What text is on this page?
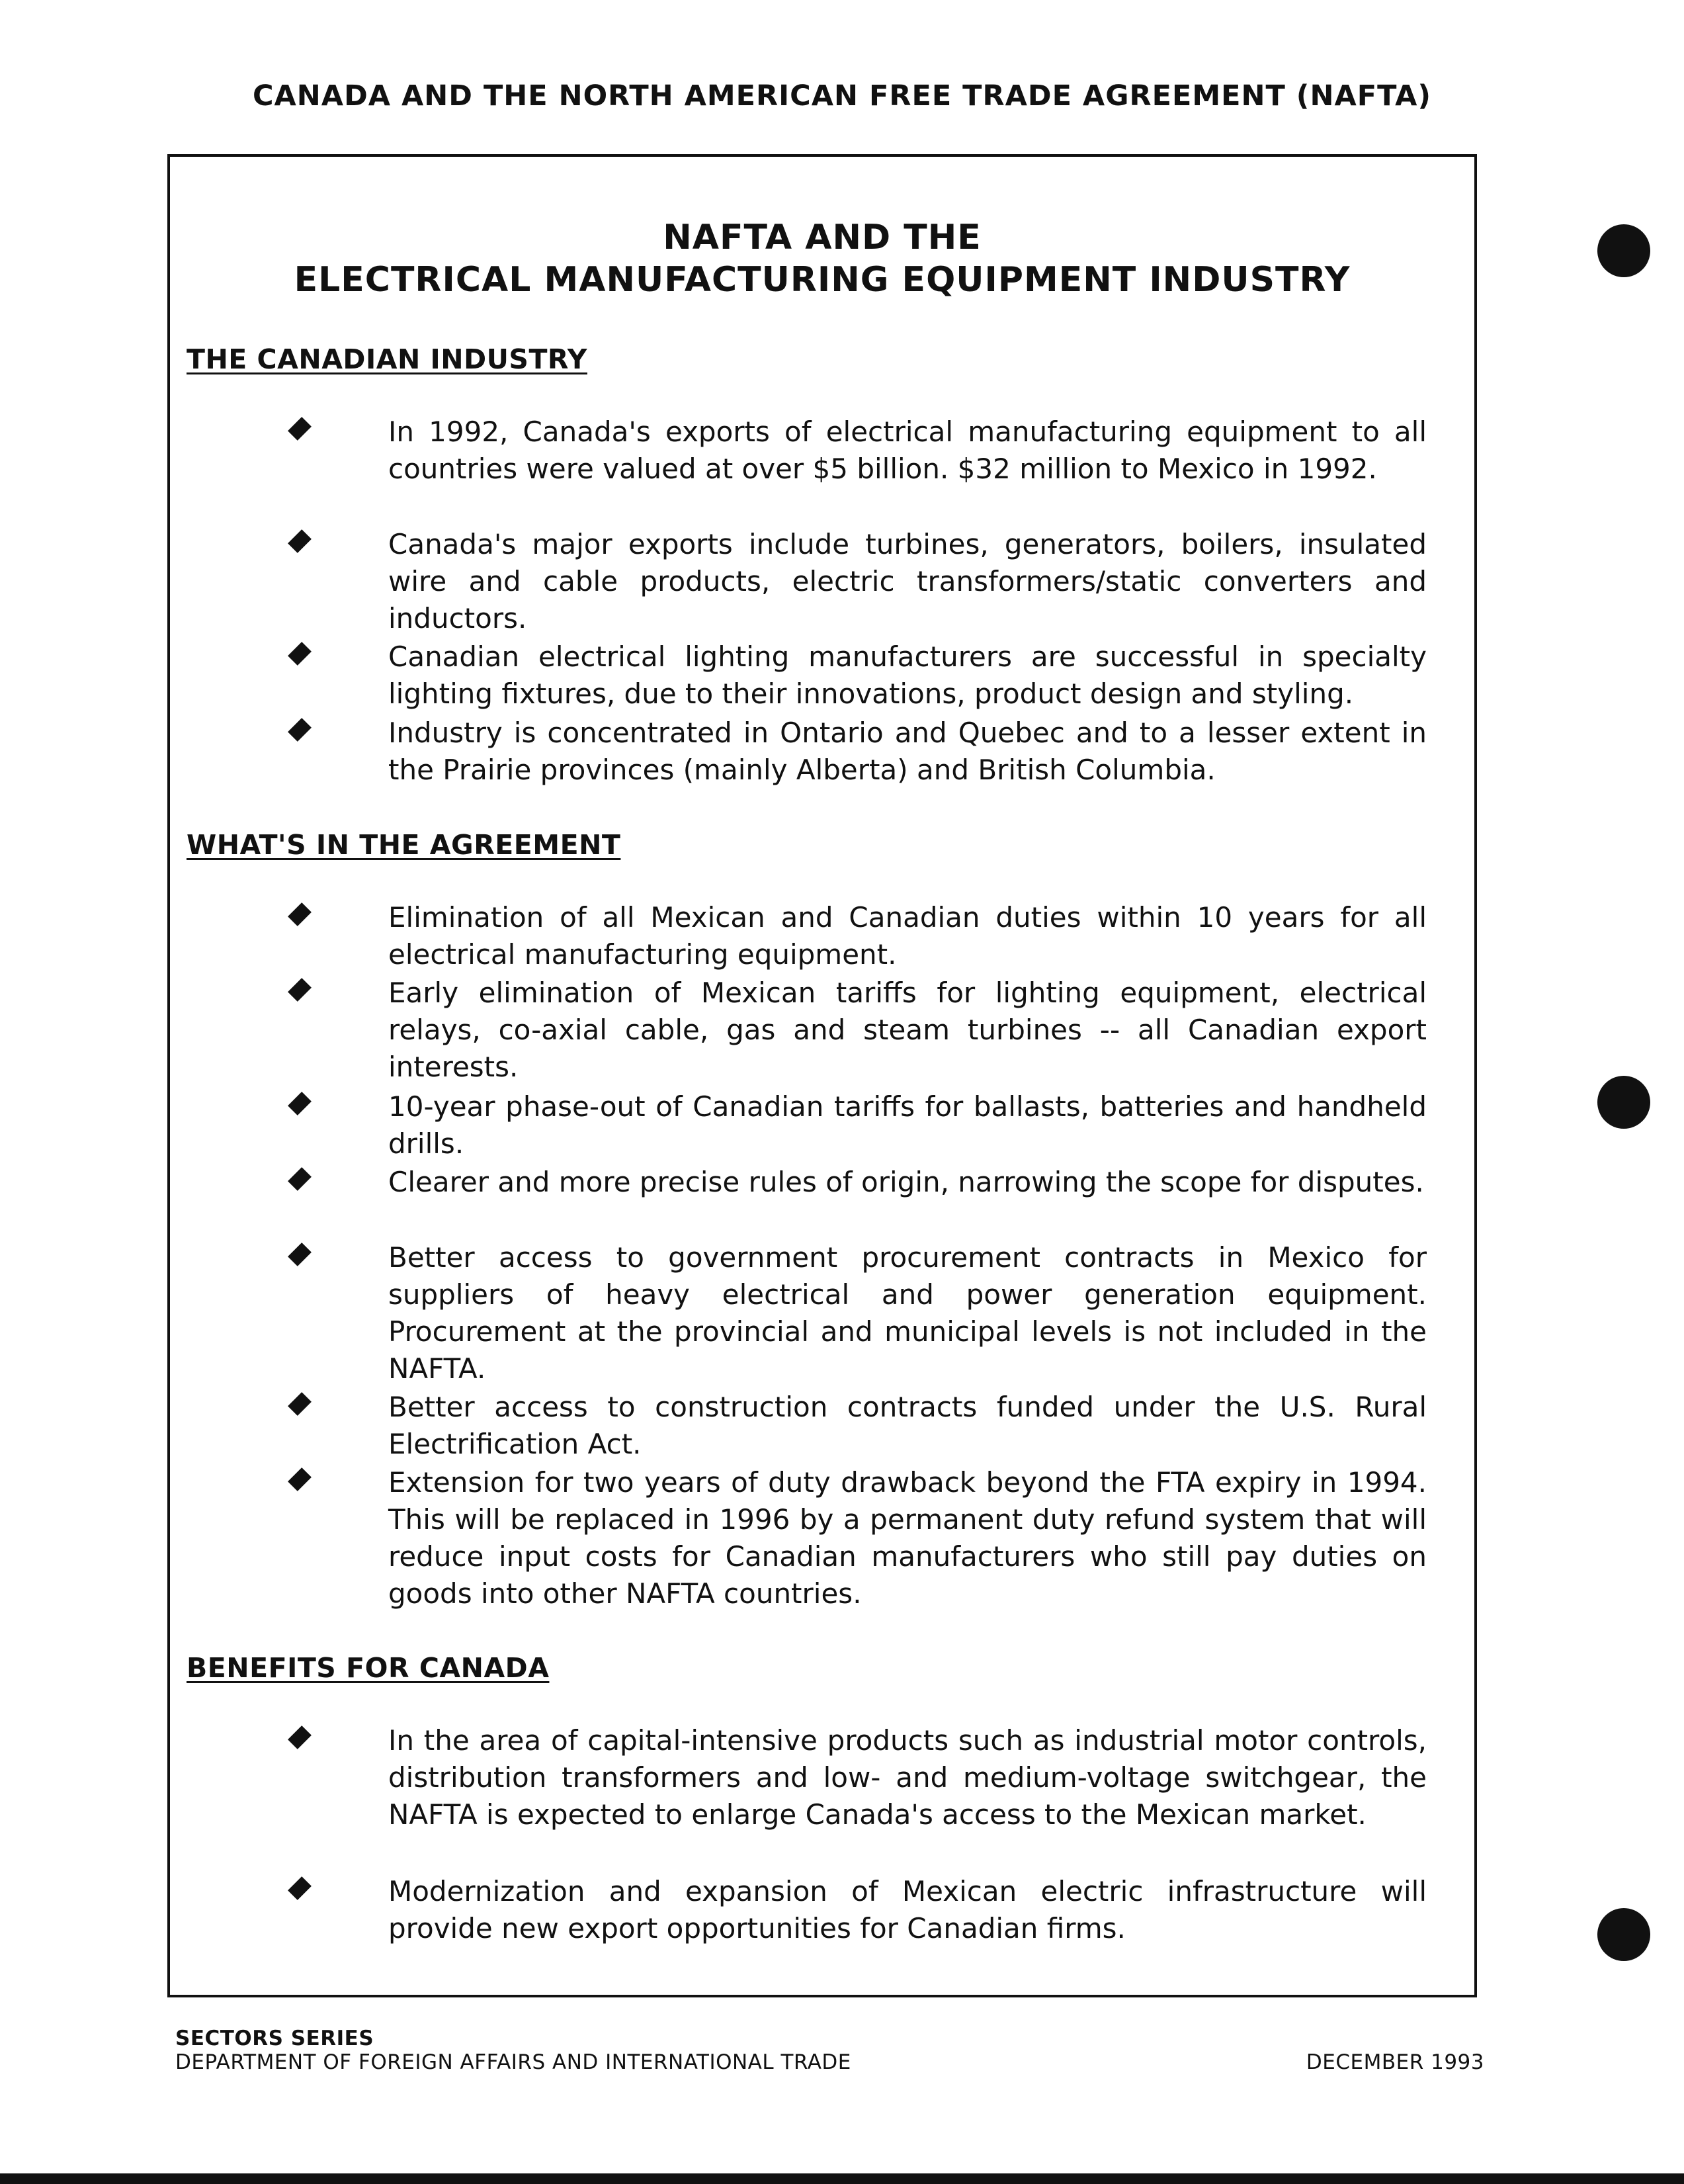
CANADA AND THE NORTH AMERICAN FREE TRADE AGREEMENT (NAFTA)
NAFTA AND THE
ELECTRICAL MANUFACTURING EQUIPMENT INDUSTRY
THE CANADIAN INDUSTRY
In 1992, Canada's exports of electrical manufacturing equipment to all countries were valued at over $5 billion. $32 million to Mexico in 1992.
Canada's major exports include turbines, generators, boilers, insulated wire and cable products, electric transformers/static converters and inductors.
Canadian electrical lighting manufacturers are successful in specialty lighting fixtures, due to their innovations, product design and styling.
Industry is concentrated in Ontario and Quebec and to a lesser extent in the Prairie provinces (mainly Alberta) and British Columbia.
WHAT'S IN THE AGREEMENT
Elimination of all Mexican and Canadian duties within 10 years for all electrical manufacturing equipment.
Early elimination of Mexican tariffs for lighting equipment, electrical relays, co-axial cable, gas and steam turbines -- all Canadian export interests.
10-year phase-out of Canadian tariffs for ballasts, batteries and handheld drills.
Clearer and more precise rules of origin, narrowing the scope for disputes.
Better access to government procurement contracts in Mexico for suppliers of heavy electrical and power generation equipment. Procurement at the provincial and municipal levels is not included in the NAFTA.
Better access to construction contracts funded under the U.S. Rural Electrification Act.
Extension for two years of duty drawback beyond the FTA expiry in 1994. This will be replaced in 1996 by a permanent duty refund system that will reduce input costs for Canadian manufacturers who still pay duties on goods into other NAFTA countries.
BENEFITS FOR CANADA
In the area of capital-intensive products such as industrial motor controls, distribution transformers and low- and medium-voltage switchgear, the NAFTA is expected to enlarge Canada's access to the Mexican market.
Modernization and expansion of Mexican electric infrastructure will provide new export opportunities for Canadian firms.
SECTORS SERIES
DEPARTMENT OF FOREIGN AFFAIRS AND INTERNATIONAL TRADE	DECEMBER 1993
